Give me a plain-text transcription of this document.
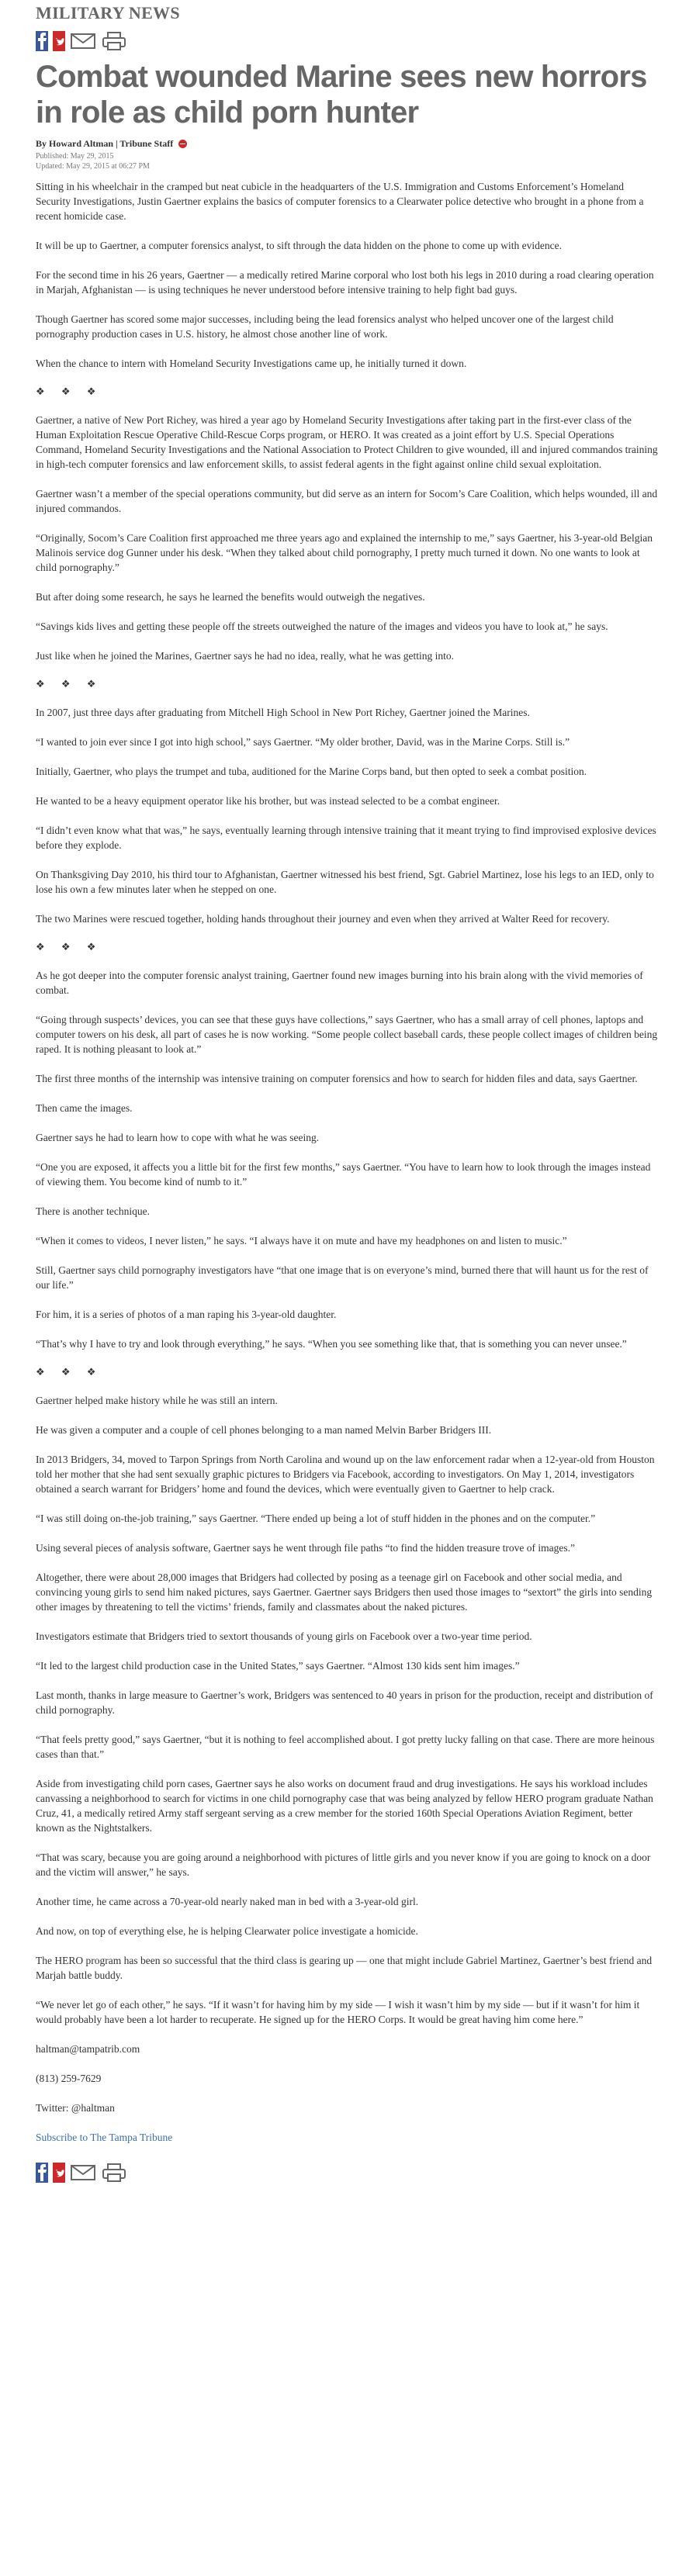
MILITARY NEWS
Combat wounded Marine sees new horrors in role as child porn hunter
By Howard Altman | Tribune Staff
Published: May 29, 2015
Updated: May 29, 2015 at 06:27 PM

Sitting in his wheelchair in the cramped but neat cubicle in the headquarters of the U.S. Immigration and Customs Enforcement’s Homeland Security Investigations, Justin Gaertner explains the basics of computer forensics to a Clearwater police detective who brought in a phone from a recent homicide case.

It will be up to Gaertner, a computer forensics analyst, to sift through the data hidden on the phone to come up with evidence.

For the second time in his 26 years, Gaertner — a medically retired Marine corporal who lost both his legs in 2010 during a road clearing operation in Marjah, Afghanistan — is using techniques he never understood before intensive training to help fight bad guys.

Though Gaertner has scored some major successes, including being the lead forensics analyst who helped uncover one of the largest child pornography production cases in U.S. history, he almost chose another line of work.

When the chance to intern with Homeland Security Investigations came up, he initially turned it down.

❖ ❖ ❖

Gaertner, a native of New Port Richey, was hired a year ago by Homeland Security Investigations after taking part in the first-ever class of the Human Exploitation Rescue Operative Child-Rescue Corps program, or HERO. It was created as a joint effort by U.S. Special Operations Command, Homeland Security Investigations and the National Association to Protect Children to give wounded, ill and injured commandos training in high-tech computer forensics and law enforcement skills, to assist federal agents in the fight against online child sexual exploitation.

Gaertner wasn’t a member of the special operations community, but did serve as an intern for Socom’s Care Coalition, which helps wounded, ill and injured commandos.

“Originally, Socom’s Care Coalition first approached me three years ago and explained the internship to me,” says Gaertner, his 3-year-old Belgian Malinois service dog Gunner under his desk. “When they talked about child pornography, I pretty much turned it down. No one wants to look at child pornography.”

But after doing some research, he says he learned the benefits would outweigh the negatives.

“Savings kids lives and getting these people off the streets outweighed the nature of the images and videos you have to look at,” he says.

Just like when he joined the Marines, Gaertner says he had no idea, really, what he was getting into.

❖ ❖ ❖

In 2007, just three days after graduating from Mitchell High School in New Port Richey, Gaertner joined the Marines.

“I wanted to join ever since I got into high school,” says Gaertner. “My older brother, David, was in the Marine Corps. Still is.”

Initially, Gaertner, who plays the trumpet and tuba, auditioned for the Marine Corps band, but then opted to seek a combat position.

He wanted to be a heavy equipment operator like his brother, but was instead selected to be a combat engineer.

“I didn’t even know what that was,” he says, eventually learning through intensive training that it meant trying to find improvised explosive devices before they explode.

On Thanksgiving Day 2010, his third tour to Afghanistan, Gaertner witnessed his best friend, Sgt. Gabriel Martinez, lose his legs to an IED, only to lose his own a few minutes later when he stepped on one.

The two Marines were rescued together, holding hands throughout their journey and even when they arrived at Walter Reed for recovery.

❖ ❖ ❖

As he got deeper into the computer forensic analyst training, Gaertner found new images burning into his brain along with the vivid memories of combat.

“Going through suspects’ devices, you can see that these guys have collections,” says Gaertner, who has a small array of cell phones, laptops and computer towers on his desk, all part of cases he is now working. “Some people collect baseball cards, these people collect images of children being raped. It is nothing pleasant to look at.”

The first three months of the internship was intensive training on computer forensics and how to search for hidden files and data, says Gaertner.

Then came the images.

Gaertner says he had to learn how to cope with what he was seeing.

“One you are exposed, it affects you a little bit for the first few months,” says Gaertner. “You have to learn how to look through the images instead of viewing them. You become kind of numb to it.”

There is another technique.

“When it comes to videos, I never listen,” he says. “I always have it on mute and have my headphones on and listen to music.”

Still, Gaertner says child pornography investigators have “that one image that is on everyone’s mind, burned there that will haunt us for the rest of our life.”

For him, it is a series of photos of a man raping his 3-year-old daughter.

“That’s why I have to try and look through everything,” he says. “When you see something like that, that is something you can never unsee.”

❖ ❖ ❖

Gaertner helped make history while he was still an intern.

He was given a computer and a couple of cell phones belonging to a man named Melvin Barber Bridgers III.

In 2013 Bridgers, 34, moved to Tarpon Springs from North Carolina and wound up on the law enforcement radar when a 12-year-old from Houston told her mother that she had sent sexually graphic pictures to Bridgers via Facebook, according to investigators. On May 1, 2014, investigators obtained a search warrant for Bridgers’ home and found the devices, which were eventually given to Gaertner to help crack.

“I was still doing on-the-job training,” says Gaertner. “There ended up being a lot of stuff hidden in the phones and on the computer.”

Using several pieces of analysis software, Gaertner says he went through file paths “to find the hidden treasure trove of images.”

Altogether, there were about 28,000 images that Bridgers had collected by posing as a teenage girl on Facebook and other social media, and convincing young girls to send him naked pictures, says Gaertner. Gaertner says Bridgers then used those images to “sextort” the girls into sending other images by threatening to tell the victims’ friends, family and classmates about the naked pictures.

Investigators estimate that Bridgers tried to sextort thousands of young girls on Facebook over a two-year time period.

“It led to the largest child production case in the United States,” says Gaertner. “Almost 130 kids sent him images.”

Last month, thanks in large measure to Gaertner’s work, Bridgers was sentenced to 40 years in prison for the production, receipt and distribution of child pornography.

“That feels pretty good,” says Gaertner, “but it is nothing to feel accomplished about. I got pretty lucky falling on that case. There are more heinous cases than that.”

Aside from investigating child porn cases, Gaertner says he also works on document fraud and drug investigations. He says his workload includes canvassing a neighborhood to search for victims in one child pornography case that was being analyzed by fellow HERO program graduate Nathan Cruz, 41, a medically retired Army staff sergeant serving as a crew member for the storied 160th Special Operations Aviation Regiment, better known as the Nightstalkers.

“That was scary, because you are going around a neighborhood with pictures of little girls and you never know if you are going to knock on a door and the victim will answer,” he says.

Another time, he came across a 70-year-old nearly naked man in bed with a 3-year-old girl.

And now, on top of everything else, he is helping Clearwater police investigate a homicide.

The HERO program has been so successful that the third class is gearing up — one that might include Gabriel Martinez, Gaertner’s best friend and Marjah battle buddy.

“We never let go of each other,” he says. “If it wasn’t for having him by my side — I wish it wasn’t him by my side — but if it wasn’t for him it would probably have been a lot harder to recuperate. He signed up for the HERO Corps. It would be great having him come here.”

haltman@tampatrib.com

(813) 259-7629

Twitter: @haltman

Subscribe to The Tampa Tribune
